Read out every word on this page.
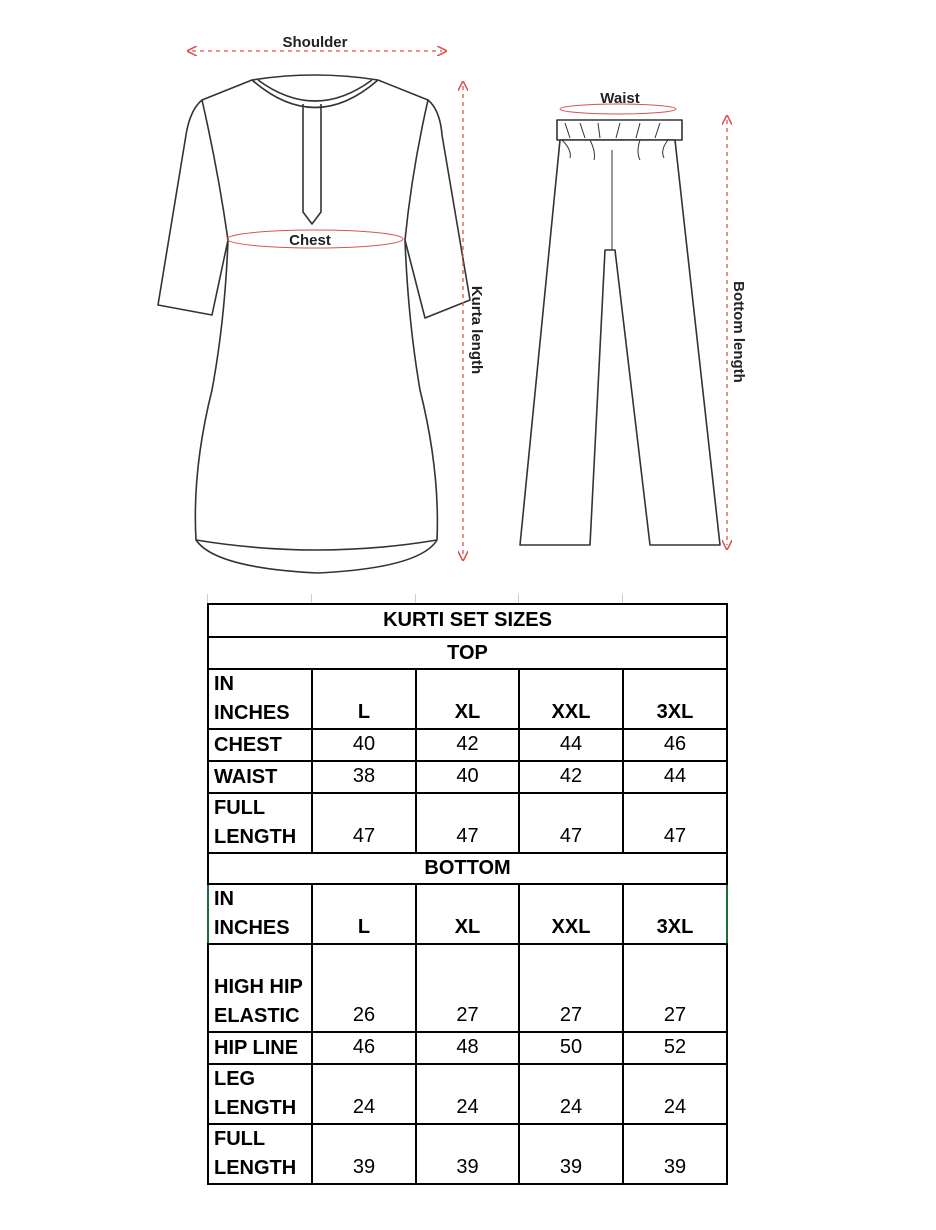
Shoulder
Chest
Kurta length
Waist
Bottom length
KURTI SET SIZES				
TOP				
IN
INCHES	L	XL	XXL	3XL
CHEST	40	42	44	46
WAIST	38	40	42	44
FULL
LENGTH	47	47	47	47
BOTTOM				
IN
INCHES	L	XL	XXL	3XL
HIGH HIP
ELASTIC	26	27	27	27
HIP LINE	46	48	50	52
LEG
LENGTH	24	24	24	24
FULL
LENGTH	39	39	39	39
